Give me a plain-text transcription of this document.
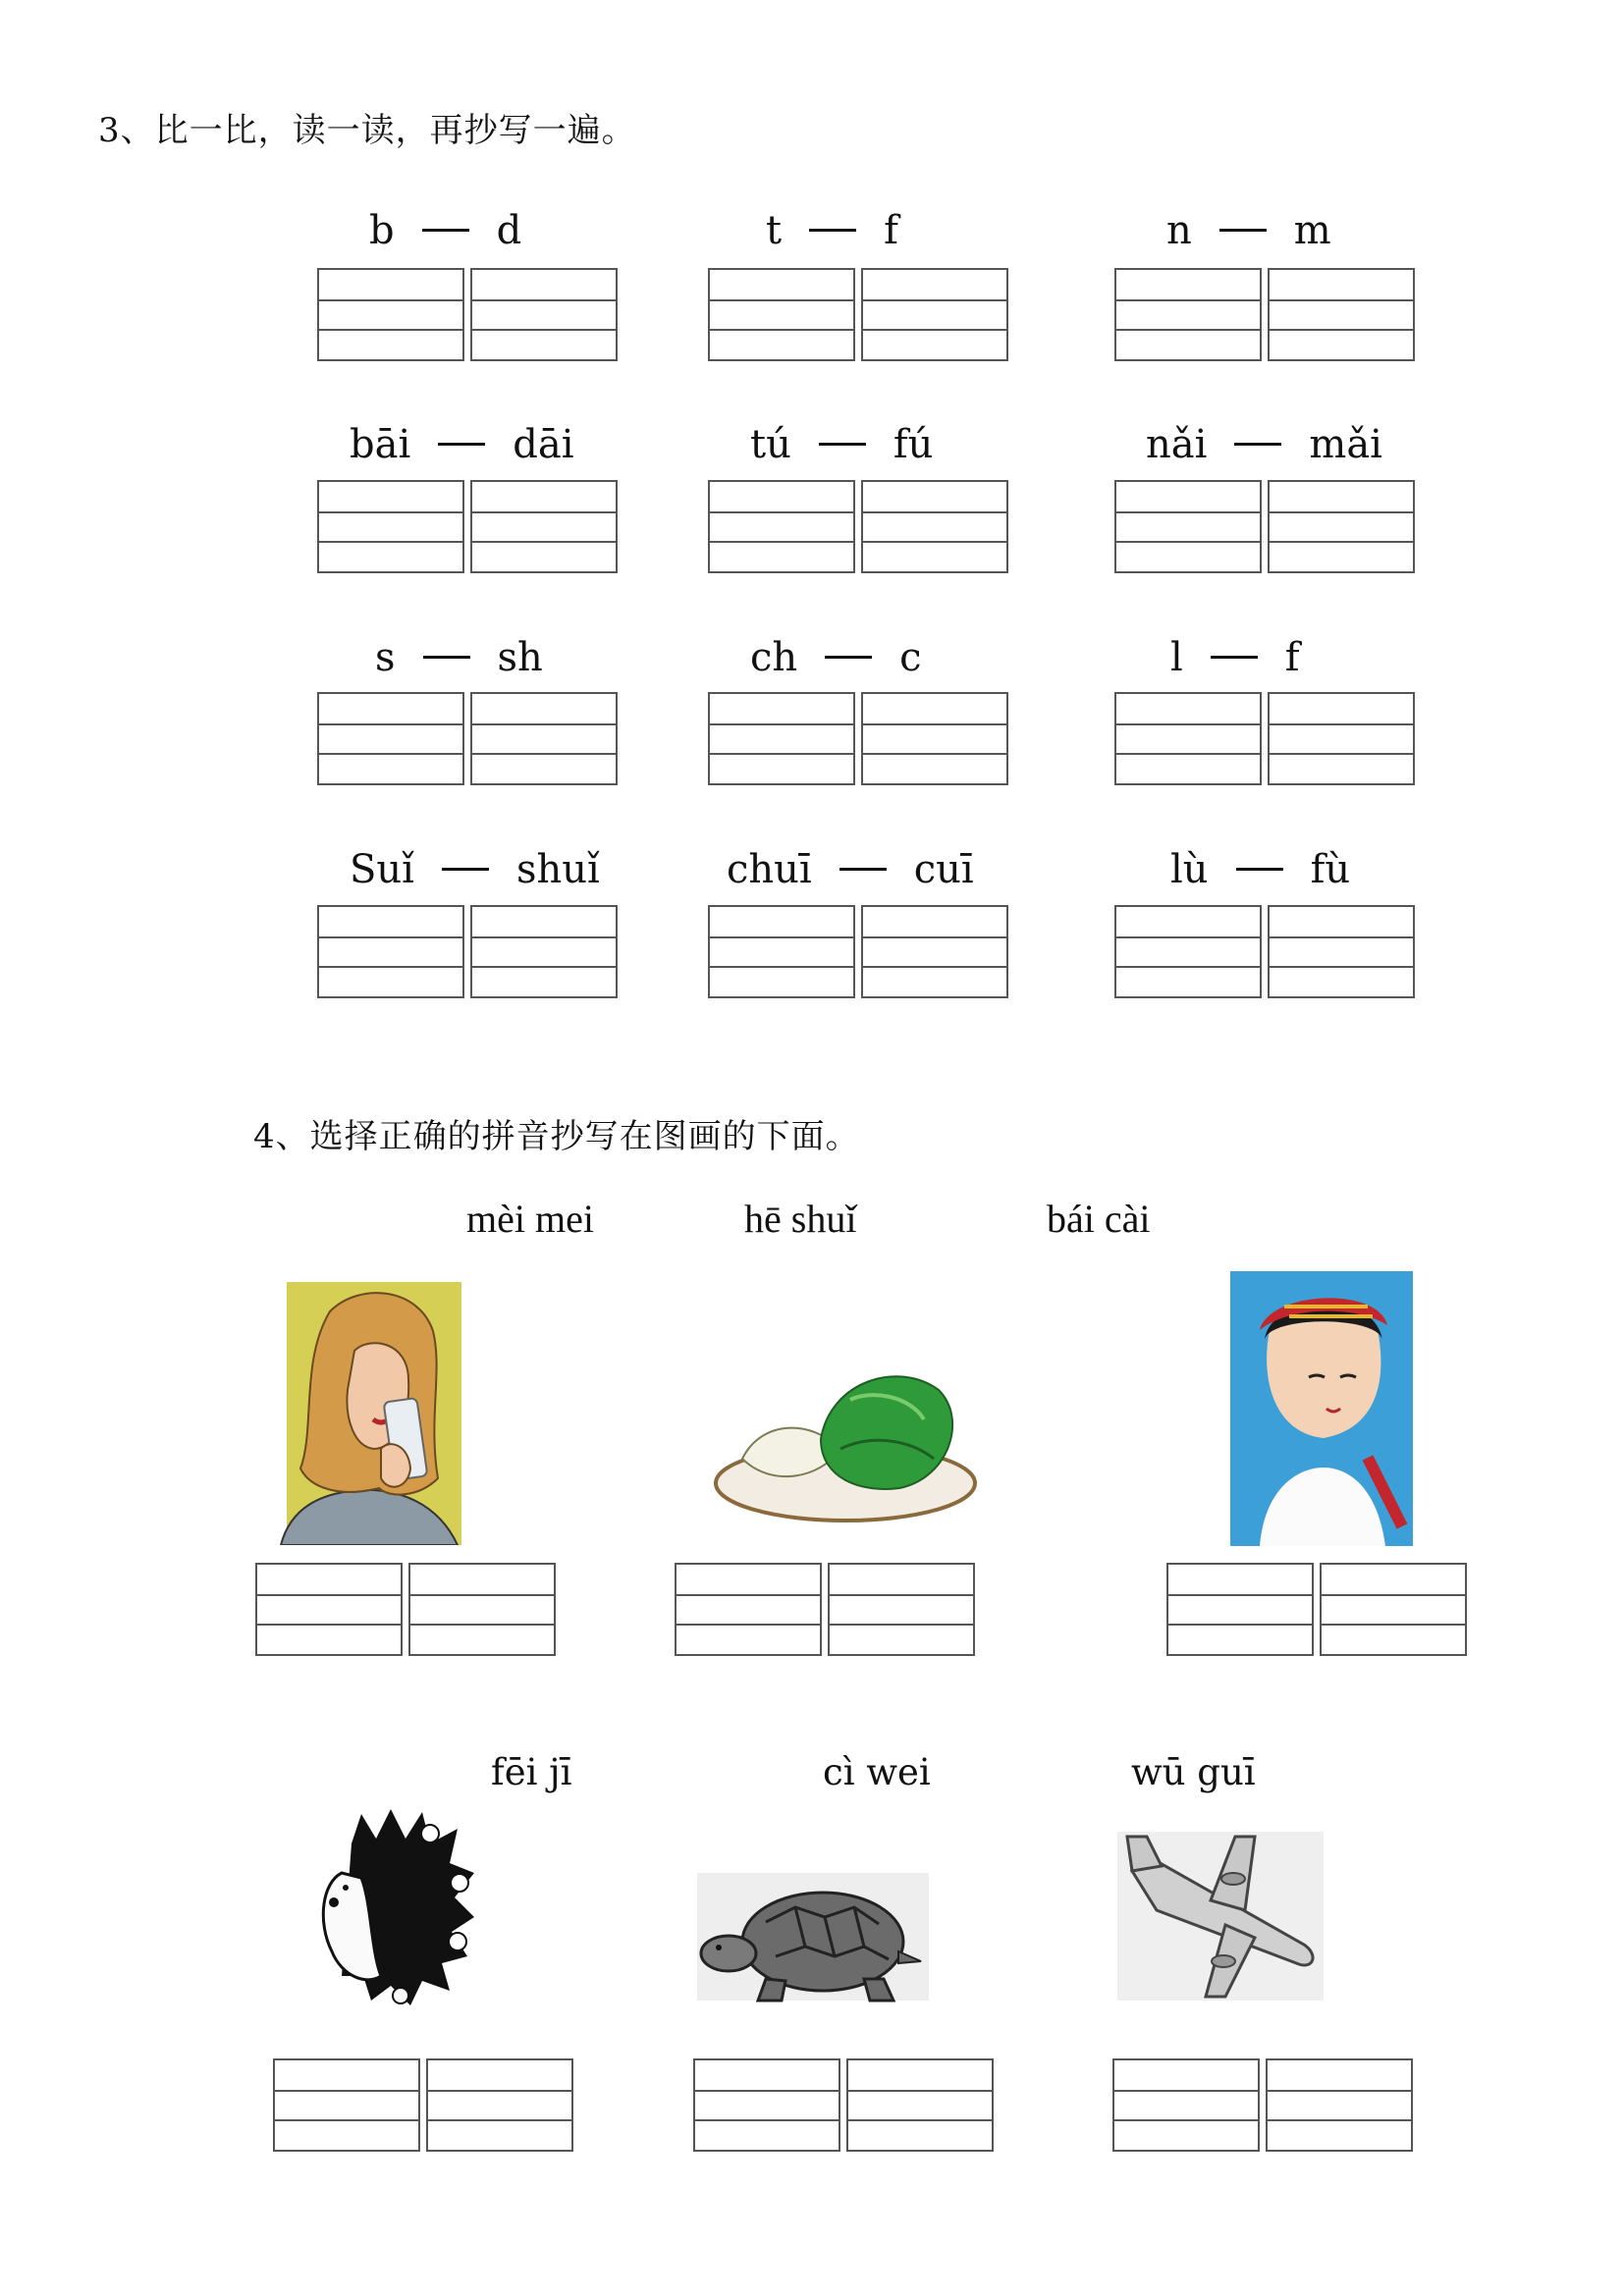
3、比一比，读一读，再抄写一遍。
b	d	t	f	n	m
bāi	dāi	tú	fú	nǎi	mǎi
s	sh	ch	c	l	f
Suǐ	shuǐ	chuī	cuī	lù	fù
4、选择正确的拼音抄写在图画的下面。
mèi mei	hē shuǐ	bái cài
fēi jī	cì wei	wū guī
